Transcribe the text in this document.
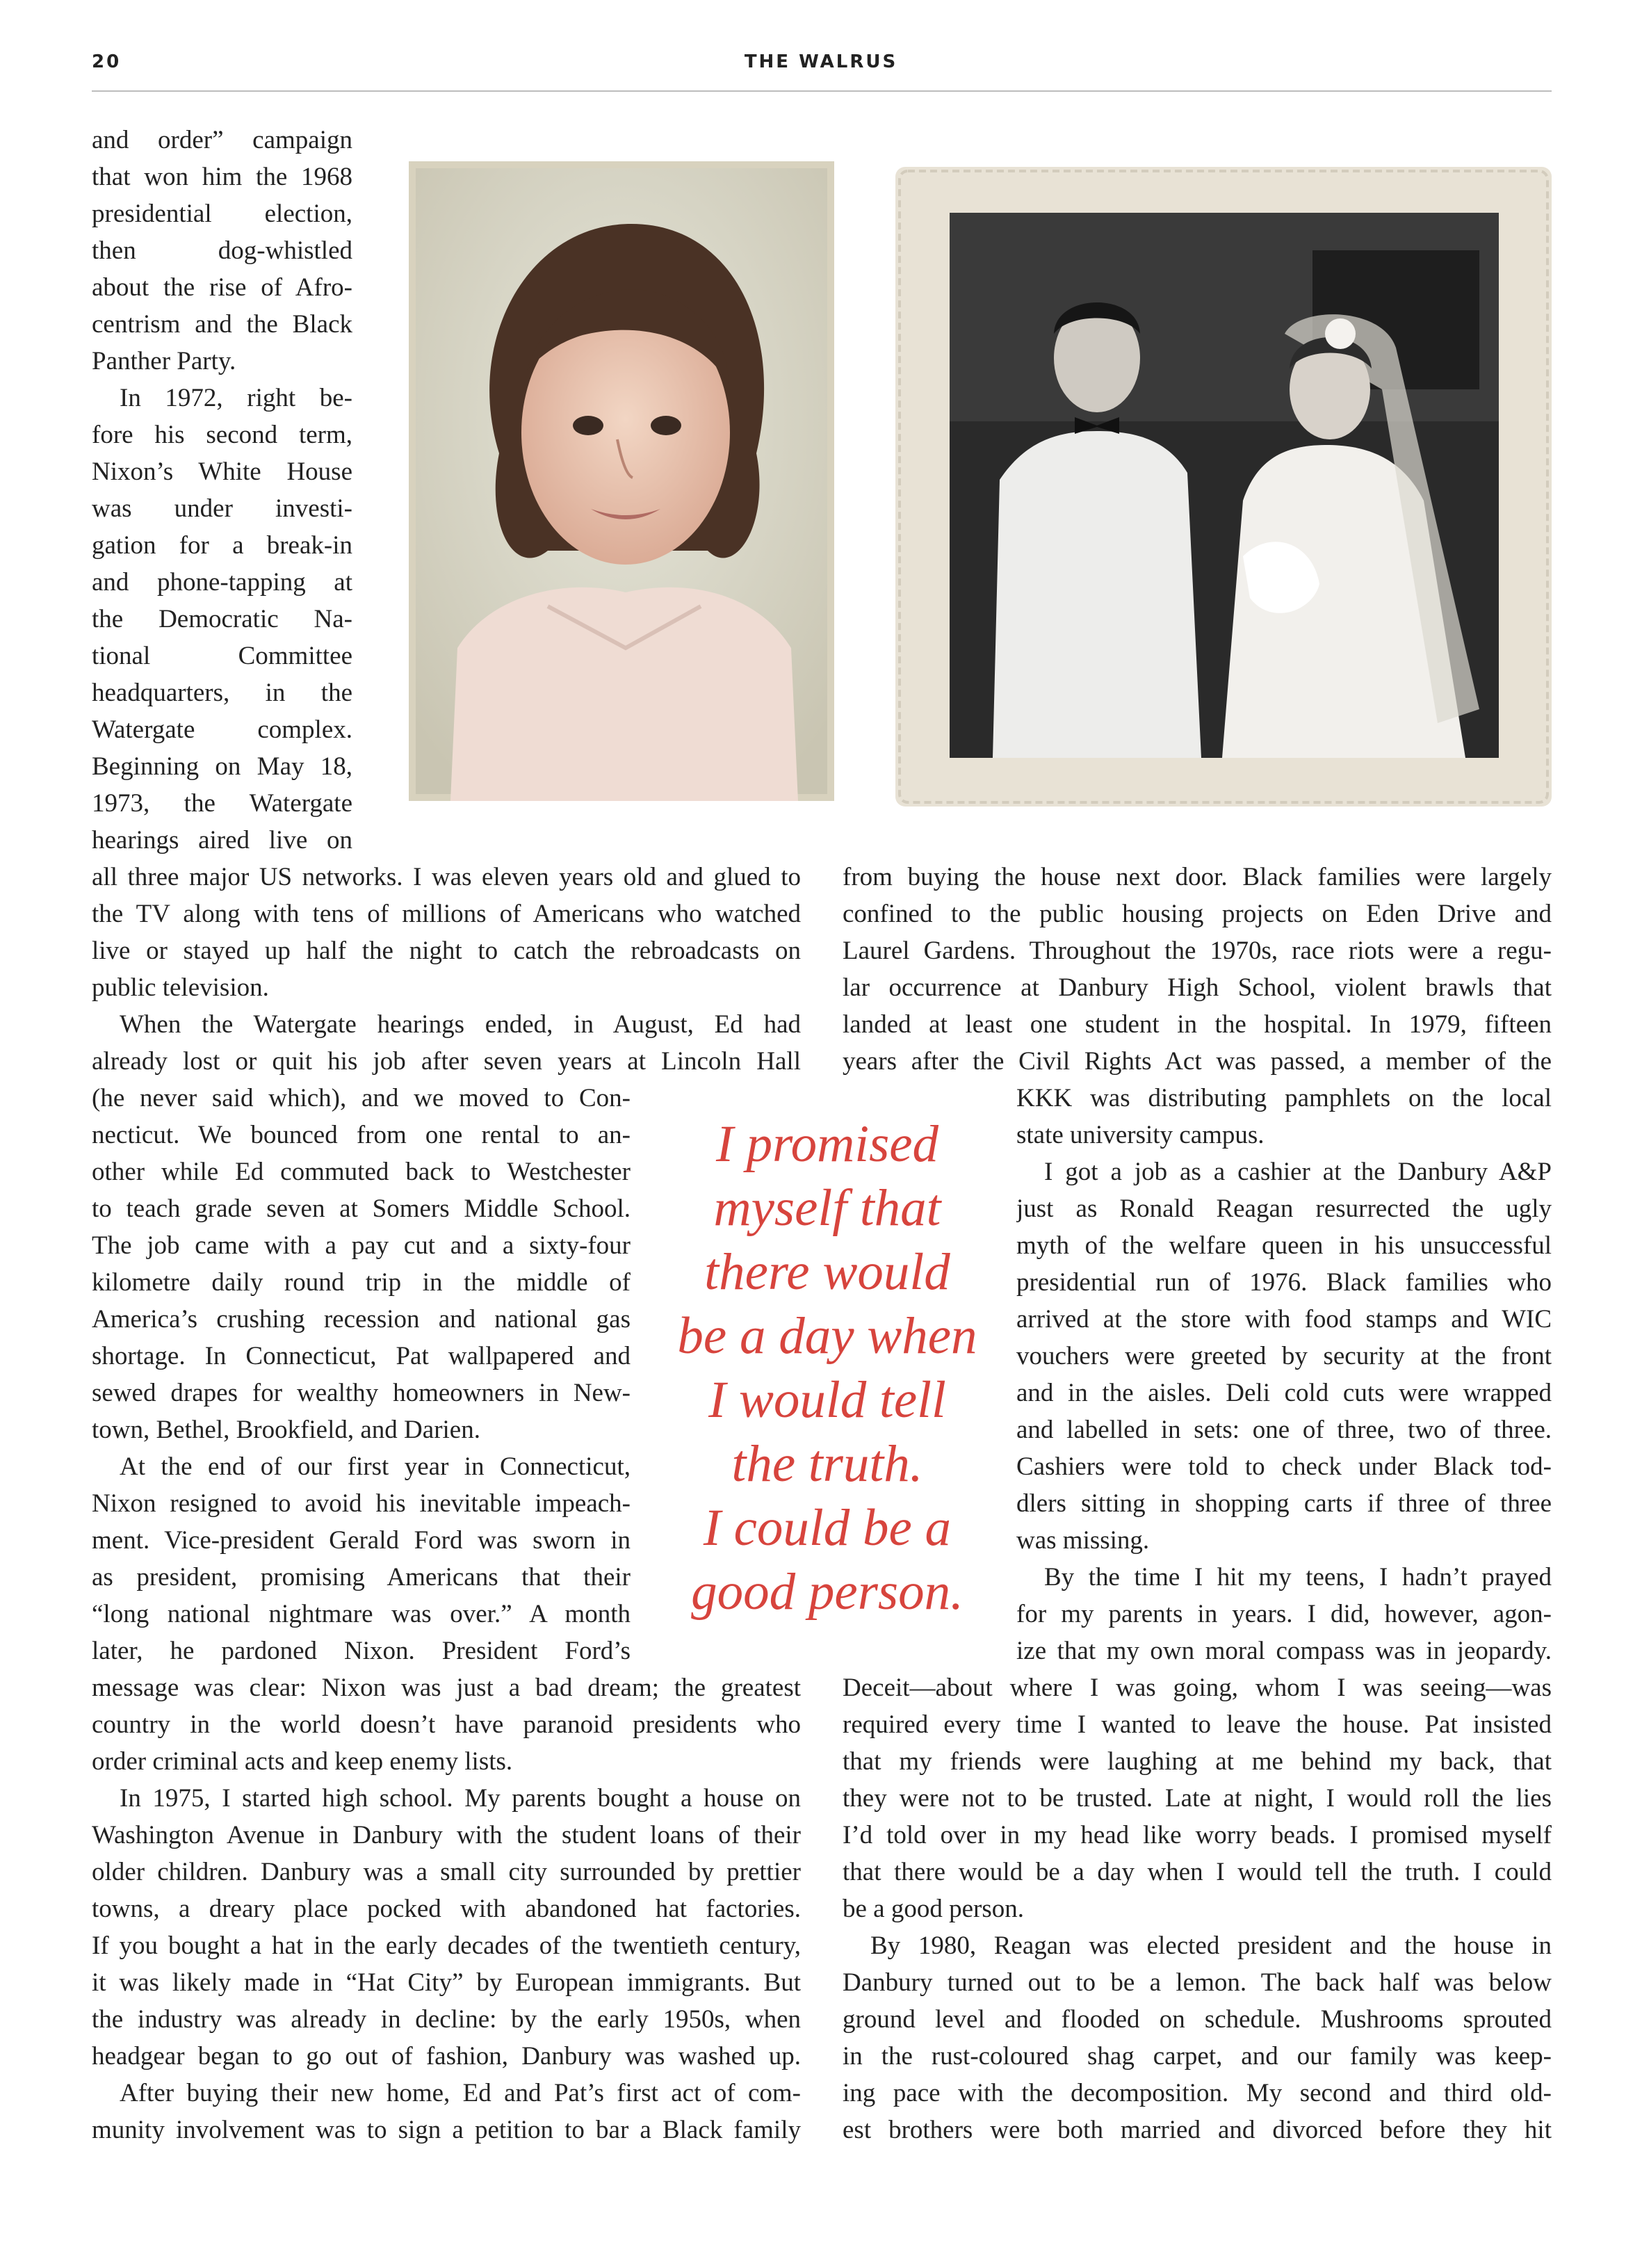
20	THE WALRUS

and order” campaign

that won him the 1968

presidential election,

then dog-whistled

about the rise of Afro-

centrism and the Black

Panther Party.

In 1972, right be-

fore his second term,

Nixon’s White House

was under investi-

gation for a break-in

and phone-tapping at

the Democratic Na-

tional Committee

headquarters, in the

Watergate complex.

Beginning on May 18,

1973, the Watergate

hearings aired live on

all three major US networks. I was eleven years old and glued to

the TV along with tens of millions of Americans who watched

live or stayed up half the night to catch the rebroadcasts on

public television.

When the Watergate hearings ended, in August, Ed had

already lost or quit his job after seven years at Lincoln Hall

(he never said which), and we moved to Con-

necticut. We bounced from one rental to an-

other while Ed commuted back to Westchester

to teach grade seven at Somers Middle School.

The job came with a pay cut and a sixty-four

kilometre daily round trip in the middle of

America’s crushing recession and national gas

shortage. In Connecticut, Pat wallpapered and

sewed drapes for wealthy homeowners in New-

town, Bethel, Brookfield, and Darien.

At the end of our first year in Connecticut,

Nixon resigned to avoid his inevitable impeach-

ment. Vice-president Gerald Ford was sworn in

as president, promising Americans that their

“long national nightmare was over.” A month

later, he pardoned Nixon. President Ford’s

message was clear: Nixon was just a bad dream; the greatest

country in the world doesn’t have paranoid presidents who

order criminal acts and keep enemy lists.

In 1975, I started high school. My parents bought a house on

Washington Avenue in Danbury with the student loans of their

older children. Danbury was a small city surrounded by prettier

towns, a dreary place pocked with abandoned hat factories.

If you bought a hat in the early decades of the twentieth century,

it was likely made in “Hat City” by European immigrants. But

the industry was already in decline: by the early 1950s, when

headgear began to go out of fashion, Danbury was washed up.

After buying their new home, Ed and Pat’s first act of com-

munity involvement was to sign a petition to bar a Black family

from buying the house next door. Black families were largely

confined to the public housing projects on Eden Drive and

Laurel Gardens. Throughout the 1970s, race riots were a regu-

lar occurrence at Danbury High School, violent brawls that

landed at least one student in the hospital. In 1979, fifteen

years after the Civil Rights Act was passed, a member of the

KKK was distributing pamphlets on the local

state university campus.

I got a job as a cashier at the Danbury A&P

just as Ronald Reagan resurrected the ugly

myth of the welfare queen in his unsuccessful

presidential run of 1976. Black families who

arrived at the store with food stamps and WIC

vouchers were greeted by security at the front

and in the aisles. Deli cold cuts were wrapped

and labelled in sets: one of three, two of three.

Cashiers were told to check under Black tod-

dlers sitting in shopping carts if three of three

was missing.

By the time I hit my teens, I hadn’t prayed

for my parents in years. I did, however, agon-

ize that my own moral compass was in jeopardy.

Deceit—about where I was going, whom I was seeing—was

required every time I wanted to leave the house. Pat insisted

that my friends were laughing at me behind my back, that

they were not to be trusted. Late at night, I would roll the lies

I’d told over in my head like worry beads. I promised myself

that there would be a day when I would tell the truth. I could

be a good person.

By 1980, Reagan was elected president and the house in

Danbury turned out to be a lemon. The back half was below

ground level and flooded on schedule. Mushrooms sprouted

in the rust-coloured shag carpet, and our family was keep-

ing pace with the decomposition. My second and third old-

est brothers were both married and divorced before they hit

I promised
myself that
there would
be a day when
I would tell
the truth.
I could be a
good person.
